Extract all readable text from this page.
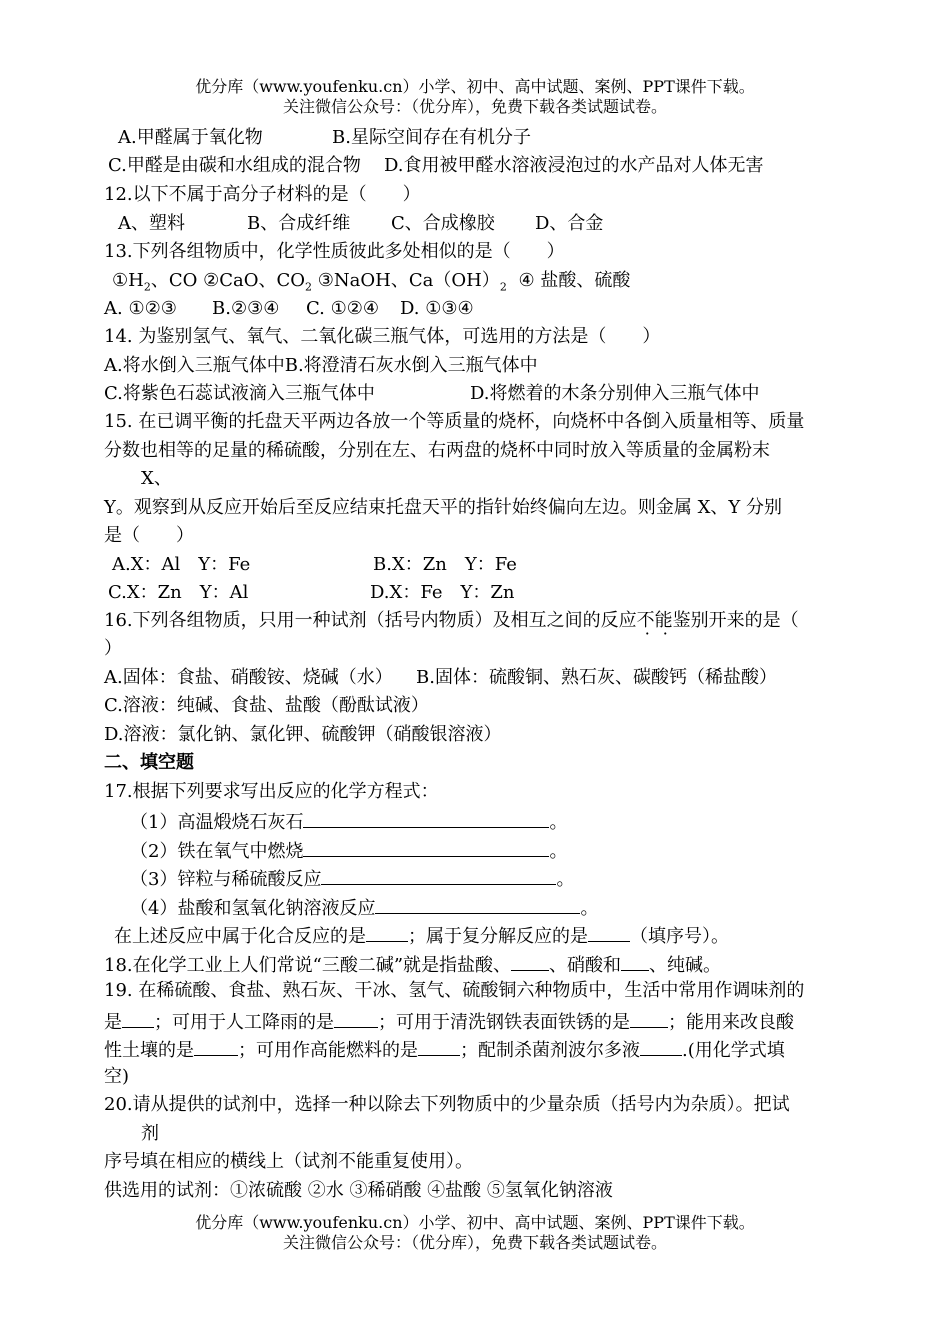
优分库（www.youfenku.cn）小学、初中、高中试题、案例、PPT课件下载。
关注微信公众号：（优分库），免费下载各类试题试卷。
A.甲醛属于氧化物	B.星际空间存在有机分子
C.甲醛是由碳和水组成的混合物 D.食用被甲醛水溶液浸泡过的水产品对人体无害
12.以下不属于高分子材料的是（　　）
A、塑料	B、合成纤维 C、合成橡胶 D、合金
13.下列各组物质中，化学性质彼此多处相似的是（　　）
$①H_2$、CO ②CaO、$CO_2$ ③NaOH、$Ca(OH)_2$ ④ 盐酸、硫酸
A. ①②③ B.②③④ C. ①②④ D. ①③④
14. 为鉴别氢气、氧气、二氧化碳三瓶气体，可选用的方法是（　　）
A.将水倒入三瓶气体中B.将澄清石灰水倒入三瓶气体中
C.将紫色石蕊试液滴入三瓶气体中	D.将燃着的木条分别伸入三瓶气体中
15. 在已调平衡的托盘天平两边各放一个等质量的烧杯，向烧杯中各倒入质量相等、质量
分数也相等的足量的稀硫酸，分别在左、右两盘的烧杯中同时放入等质量的金属粉末
X、
Y。观察到从反应开始后至反应结束托盘天平的指针始终偏向左边。则金属 X、Y 分别
是（　　）
A.X：Al　Y：Fe	B.X：Zn　Y：Fe
C.X：Zn　Y：Al	D.X：Fe　Y：Zn
16.下列各组物质，只用一种试剂（括号内物质）及相互之间的反应不能鉴别开来的是（
）
A.固体：食盐、硝酸铵、烧碱（水） B.固体：硫酸铜、熟石灰、碳酸钙（稀盐酸）
C.溶液：纯碱、食盐、盐酸（酚酞试液）
D.溶液：氯化钠、氯化钾、硫酸钾（硝酸银溶液）
二、填空题
17.根据下列要求写出反应的化学方程式：
（1）高温煅烧石灰石	。
（2）铁在氧气中燃烧	。
（3）锌粒与稀硫酸反应	。
（4）盐酸和氢氧化钠溶液反应	。
在上述反应中属于化合反应的是 ；属于复分解反应的是 （填序号）。
18.在化学工业上人们常说“三酸二碱”就是指盐酸、 、硝酸和 、纯碱。
19. 在稀硫酸、食盐、熟石灰、干冰、氢气、硫酸铜六种物质中，生活中常用作调味剂的
是 ；可用于人工降雨的是 ；可用于清洗钢铁表面铁锈的是 ；能用来改良酸
性土壤的是 ；可用作高能燃料的是 ；配制杀菌剂波尔多液 .(用化学式填
空)
20.请从提供的试剂中，选择一种以除去下列物质中的少量杂质（括号内为杂质）。把试
剂
序号填在相应的横线上（试剂不能重复使用）。
供选用的试剂：①浓硫酸 ②水 ③稀硝酸 ④盐酸 ⑤氢氧化钠溶液
优分库（www.youfenku.cn）小学、初中、高中试题、案例、PPT课件下载。
关注微信公众号：（优分库），免费下载各类试题试卷。
